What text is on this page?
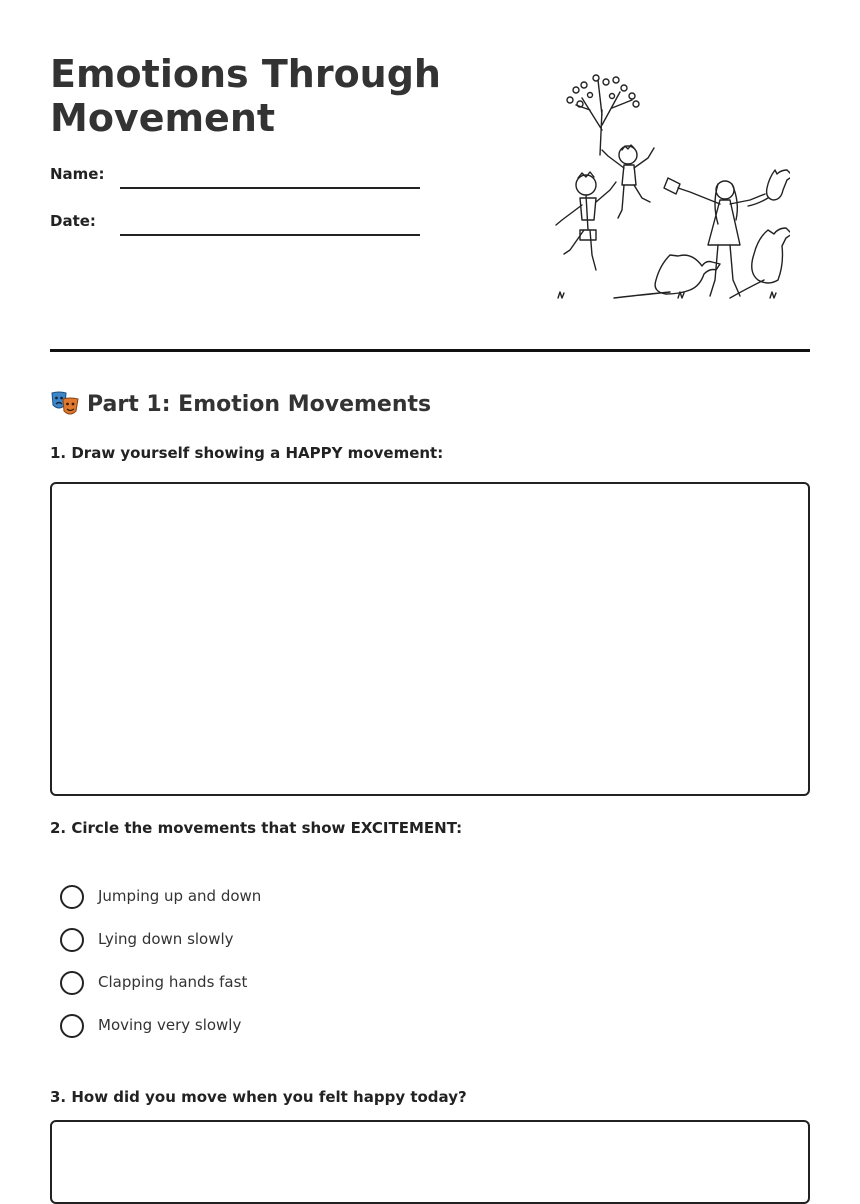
Emotions Through Movement
Name:
Date:
Part 1: Emotion Movements
1. Draw yourself showing a HAPPY movement:
2. Circle the movements that show EXCITEMENT:
Jumping up and down
Lying down slowly
Clapping hands fast
Moving very slowly
3. How did you move when you felt happy today?
